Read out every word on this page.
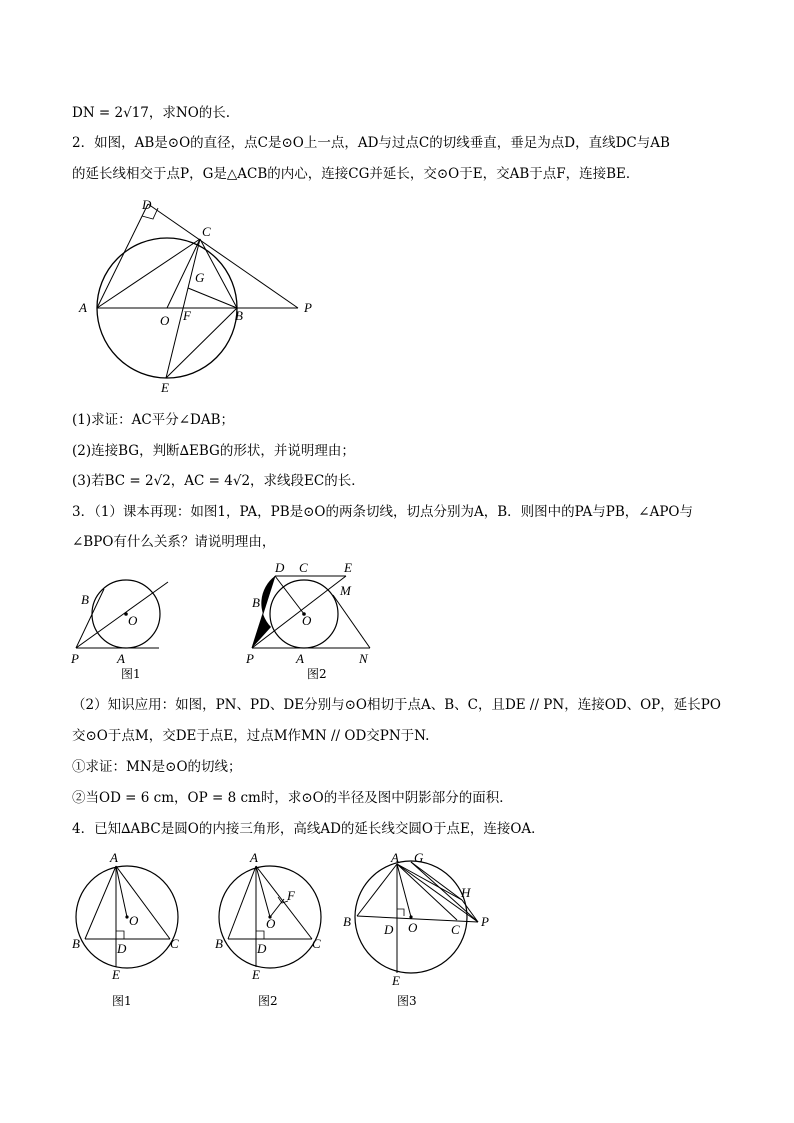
DN = 2√17，求NO的长.
2．如图，AB是⊙O的直径，点C是⊙O上一点，AD与过点C的切线垂直，垂足为点D，直线DC与AB
的延长线相交于点P，G是△ACB的内心，连接CG并延长，交⊙O于E，交AB于点F，连接BE．
D
C
G
A
O F	B
P
E
(1)求证：AC平分∠DAB；
(2)连接BG，判断∆EBG的形状，并说明理由；
(3)若BC = 2√2，AC = 4√2，求线段EC的长．
3．（1）课本再现：如图1，PA，PB是⊙O的两条切线，切点分别为A，B．则图中的PA与PB，∠APO与
∠BPO有什么关系？请说明理由，
B
O
P	A
D C	E
M
B
O
P	A	N
图1	图2
（2）知识应用：如图，PN、PD、DE分别与⊙O相切于点A、B、C，且DE // PN，连接OD、OP，延长PO
交⊙O于点M，交DE于点E，过点M作MN // OD交PN于N.
①求证：MN是⊙O的切线；
②当OD = 6 cm，OP = 8 cm时，求⊙O的半径及图中阴影部分的面积．
4．已知∆ABC是圆O的内接三角形，高线AD的延长线交圆O于点E，连接OA．
A
O
B	D	C
E
A
F
O
B	D	C
E
A G
H
B
D O	C
P
E
图1	图2	图3
